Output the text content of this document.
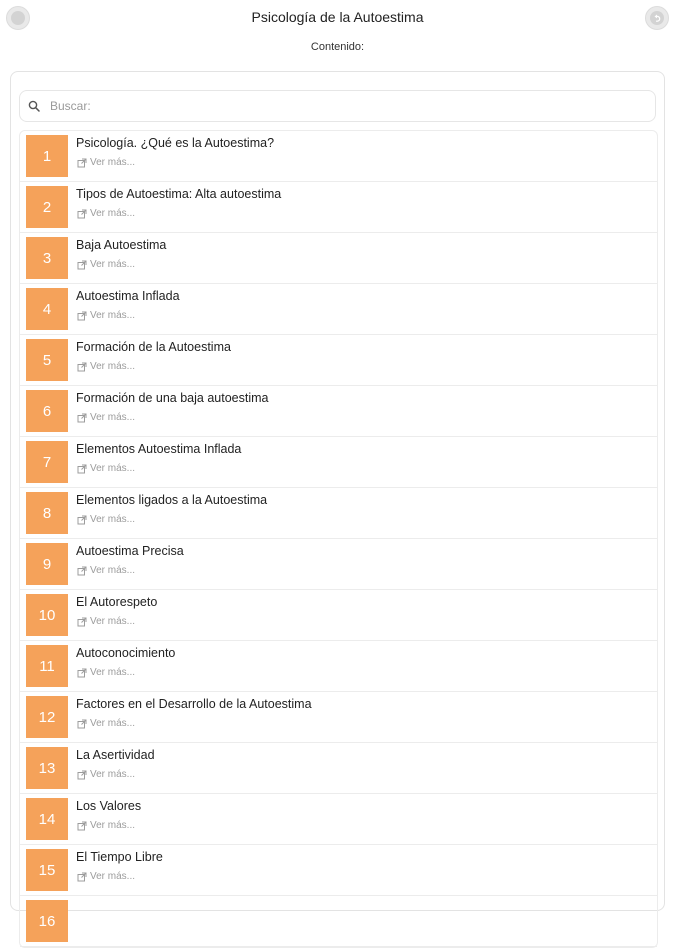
Psicología de la Autoestima
Contenido:
Buscar:
1
Psicología. ¿Qué es la Autoestima?
Ver más...
2
Tipos de Autoestima: Alta autoestima
Ver más...
3
Baja Autoestima
Ver más...
4
Autoestima Inflada
Ver más...
5
Formación de la Autoestima
Ver más...
6
Formación de una baja autoestima
Ver más...
7
Elementos Autoestima Inflada
Ver más...
8
Elementos ligados a la Autoestima
Ver más...
9
Autoestima Precisa
Ver más...
10
El Autorespeto
Ver más...
11
Autoconocimiento
Ver más...
12
Factores en el Desarrollo de la Autoestima
Ver más...
13
La Asertividad
Ver más...
14
Los Valores
Ver más...
15
El Tiempo Libre
Ver más...
16
